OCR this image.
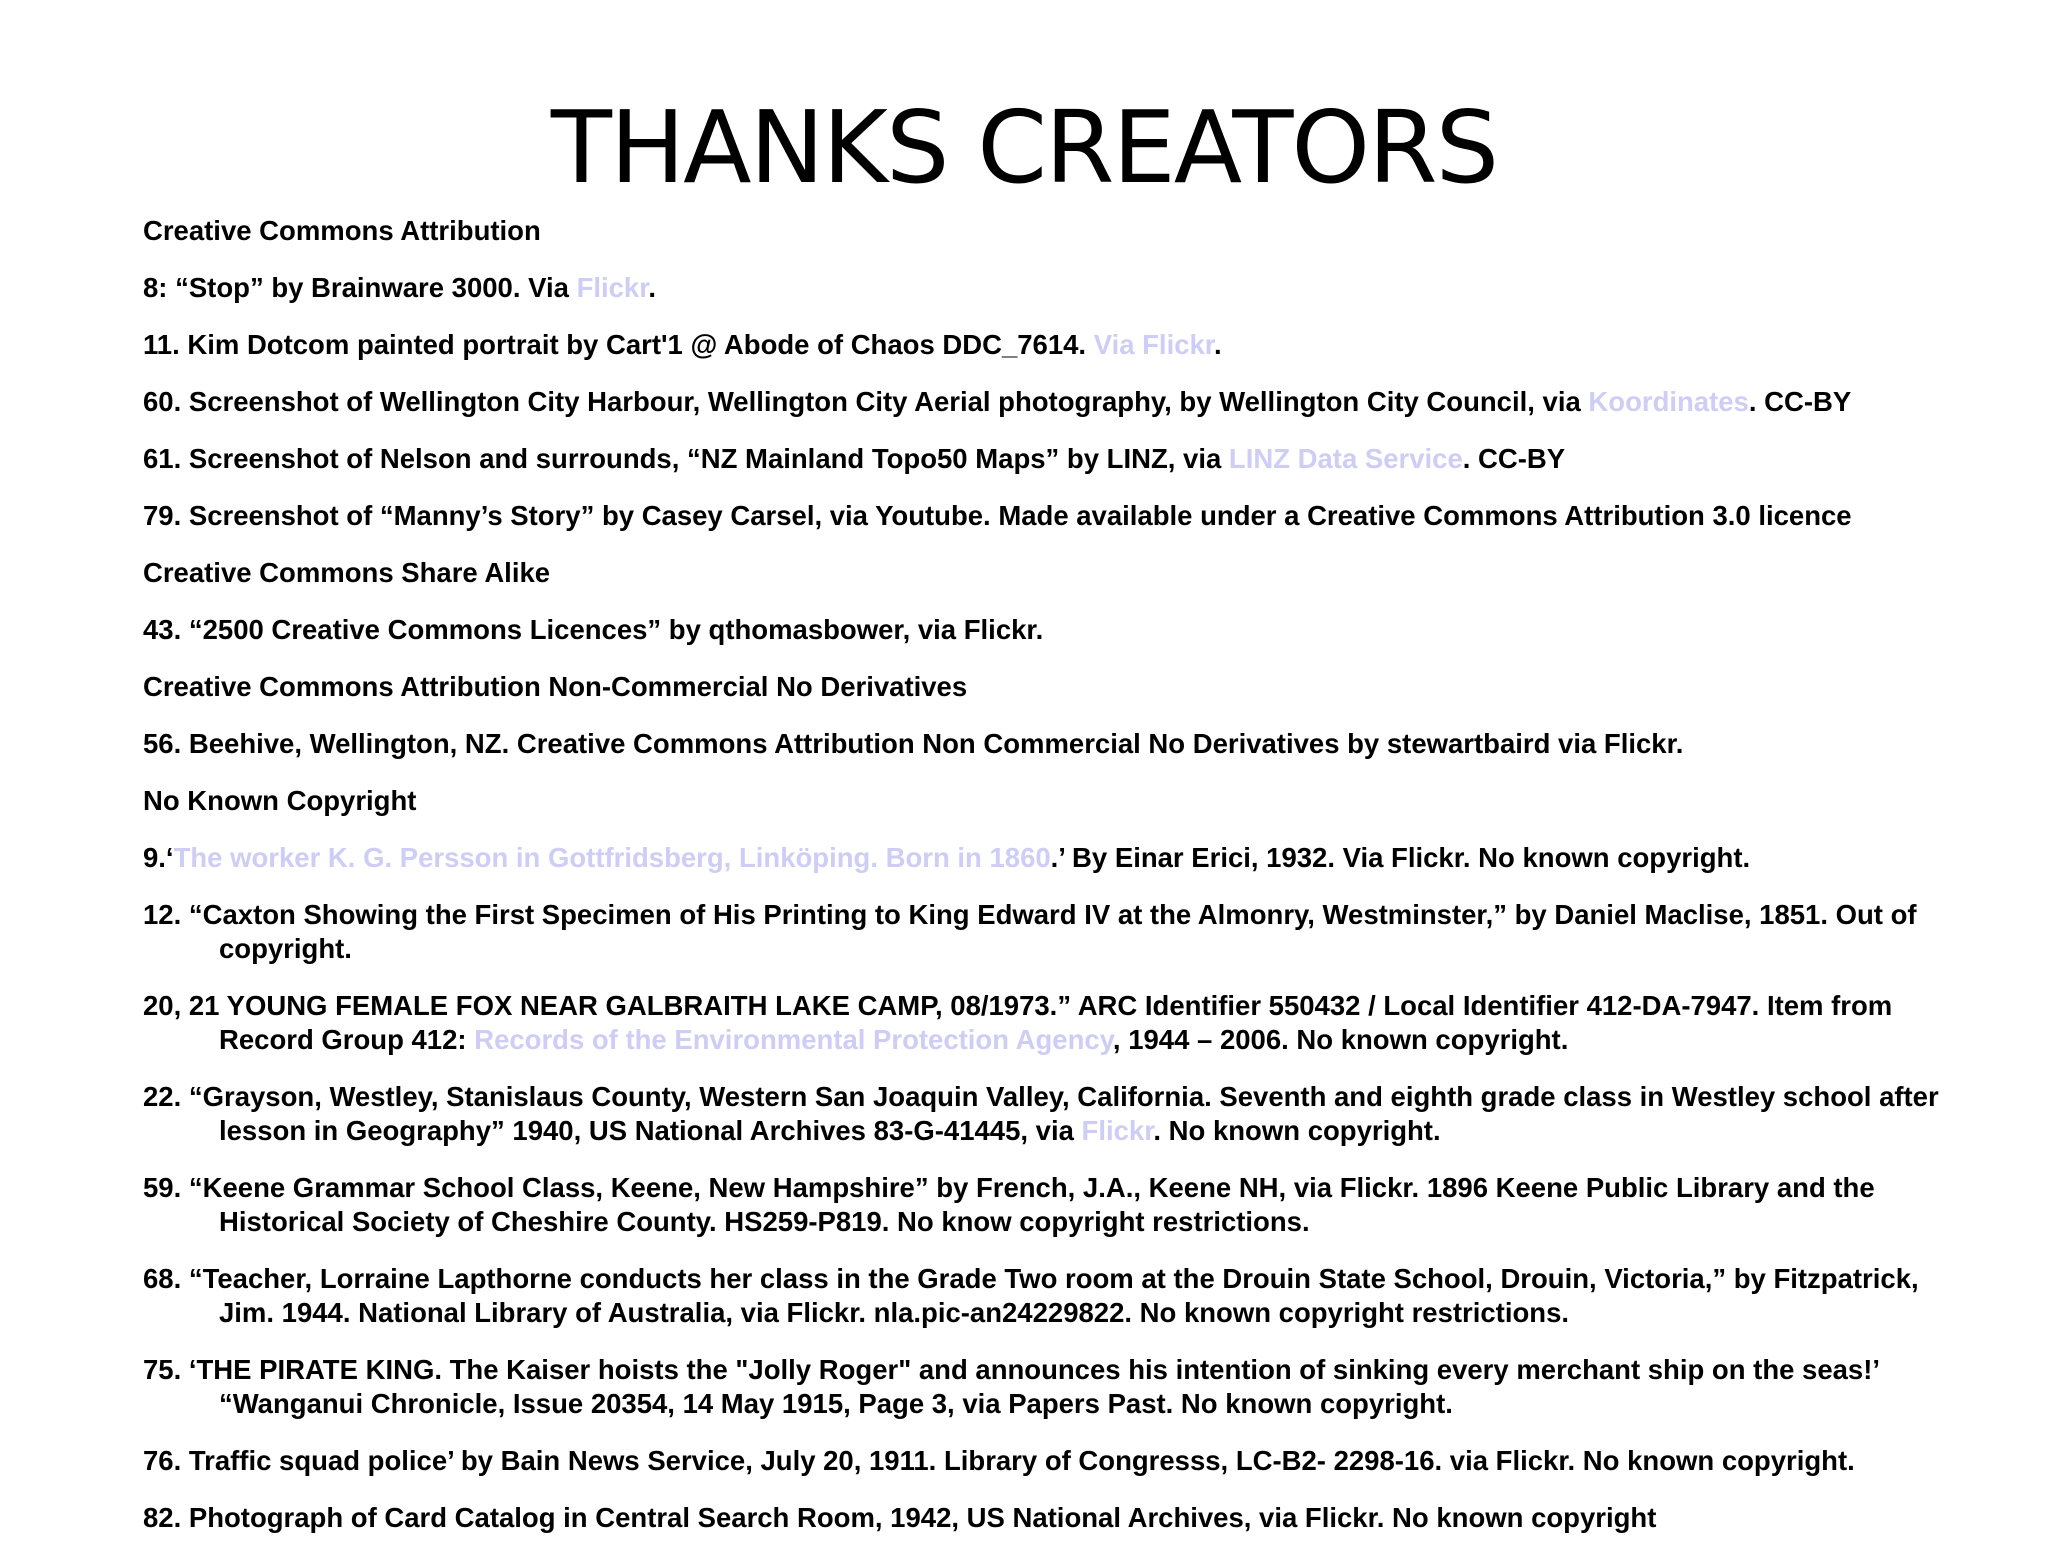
THANKS CREATORS
Creative Commons Attribution
8: “Stop” by Brainware 3000. Via Flickr.
11. Kim Dotcom painted portrait by Cart'1 @ Abode of Chaos DDC_7614. Via Flickr.
60. Screenshot of Wellington City Harbour, Wellington City Aerial photography, by Wellington City Council, via Koordinates. CC-BY
61. Screenshot of Nelson and surrounds, “NZ Mainland Topo50 Maps” by LINZ, via LINZ Data Service. CC-BY
79. Screenshot of “Manny’s Story” by Casey Carsel, via Youtube. Made available under a Creative Commons Attribution 3.0 licence
Creative Commons Share Alike
43. “2500 Creative Commons Licences” by qthomasbower, via Flickr.
Creative Commons Attribution Non-Commercial No Derivatives
56. Beehive, Wellington, NZ. Creative Commons Attribution Non Commercial No Derivatives by stewartbaird via Flickr.
No Known Copyright
9.‘The worker K. G. Persson in Gottfridsberg, Linköping. Born in 1860.’ By Einar Erici, 1932. Via Flickr. No known copyright.
12. “Caxton Showing the First Specimen of His Printing to King Edward IV at the Almonry, Westminster,” by Daniel Maclise, 1851. Out of copyright.
20, 21 YOUNG FEMALE FOX NEAR GALBRAITH LAKE CAMP, 08/1973.” ARC Identifier 550432 / Local Identifier 412-DA-7947. Item from Record Group 412: Records of the Environmental Protection Agency, 1944 – 2006. No known copyright.
22. “Grayson, Westley, Stanislaus County, Western San Joaquin Valley, California. Seventh and eighth grade class in Westley school after lesson in Geography” 1940, US National Archives 83-G-41445, via Flickr. No known copyright.
59. “Keene Grammar School Class, Keene, New Hampshire” by French, J.A., Keene NH, via Flickr. 1896 Keene Public Library and the Historical Society of Cheshire County. HS259-P819. No know copyright restrictions.
68. “Teacher, Lorraine Lapthorne conducts her class in the Grade Two room at the Drouin State School, Drouin, Victoria,” by Fitzpatrick, Jim. 1944. National Library of Australia, via Flickr. nla.pic-an24229822. No known copyright restrictions.
75. ‘THE PIRATE KING. The Kaiser hoists the "Jolly Roger" and announces his intention of sinking every merchant ship on the seas!’ “Wanganui Chronicle, Issue 20354, 14 May 1915, Page 3, via Papers Past. No known copyright.
76. Traffic squad police’ by Bain News Service, July 20, 1911. Library of Congresss, LC-B2- 2298-16. via Flickr. No known copyright.
82. Photograph of Card Catalog in Central Search Room, 1942, US National Archives, via Flickr. No known copyright
